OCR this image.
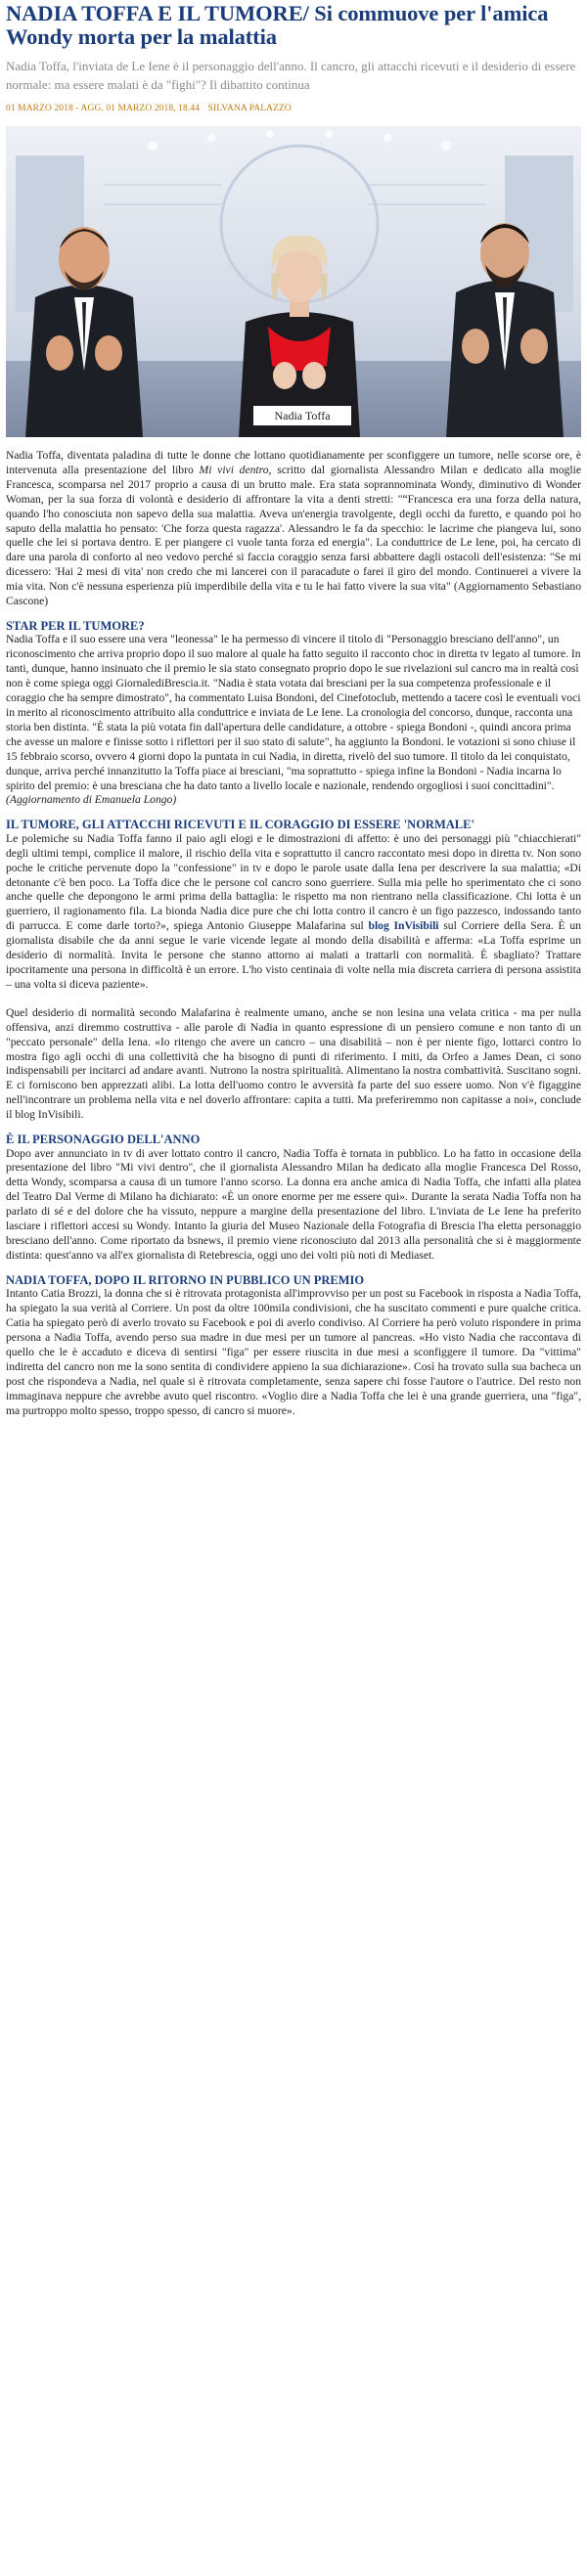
NADIA TOFFA E IL TUMORE/ Si commuove per l'amica Wondy morta per la malattia
Nadia Toffa, l'inviata de Le Iene è il personaggio dell'anno. Il cancro, gli attacchi ricevuti e il desiderio di essere normale: ma essere malati è da "fighi"? Il dibattito continua
01 MARZO 2018 - AGG. 01 MARZO 2018, 18.44 SILVANA PALAZZO
Nadia Toffa

Nadia Toffa, diventata paladina di tutte le donne che lottano quotidianamente per sconfiggere un tumore, nelle scorse ore, è intervenuta alla presentazione del libro Mi vivi dentro, scritto dal giornalista Alessandro Milan e dedicato alla moglie Francesca, scomparsa nel 2017 proprio a causa di un brutto male. Era stata soprannominata Wondy, diminutivo di Wonder Woman, per la sua forza di volontà e desiderio di affrontare la vita a denti stretti: "“Francesca era una forza della natura, quando l'ho conosciuta non sapevo della sua malattia. Aveva un'energia travolgente, degli occhi da furetto, e quando poi ho saputo della malattia ho pensato: 'Che forza questa ragazza'. Alessandro le fa da specchio: le lacrime che piangeva lui, sono quelle che lei si portava dentro. E per piangere ci vuole tanta forza ed energia". La conduttrice de Le Iene, poi, ha cercato di dare una parola di conforto al neo vedovo perché si faccia coraggio senza farsi abbattere dagli ostacoli dell'esistenza: "Se mi dicessero: 'Hai 2 mesi di vita' non credo che mi lancerei con il paracadute o farei il giro del mondo. Continuerei a vivere la mia vita. Non c'è nessuna esperienza più imperdibile della vita e tu le hai fatto vivere la sua vita" (Aggiornamento Sebastiano Cascone)

STAR PER IL TUMORE?

Nadia Toffa e il suo essere una vera "leonessa" le ha permesso di vincere il titolo di "Personaggio bresciano dell'anno", un riconoscimento che arriva proprio dopo il suo malore al quale ha fatto seguito il racconto choc in diretta tv legato al tumore. In tanti, dunque, hanno insinuato che il premio le sia stato consegnato proprio dopo le sue rivelazioni sul cancro ma in realtà così non è come spiega oggi GiornalediBrescia.it. "Nadia è stata votata dai bresciani per la sua competenza professionale e il coraggio che ha sempre dimostrato", ha commentato Luisa Bondoni, del Cinefotoclub, mettendo a tacere così le eventuali voci in merito al riconoscimento attribuito alla conduttrice e inviata de Le Iene. La cronologia del concorso, dunque, racconta una storia ben distinta. "È stata la più votata fin dall'apertura delle candidature, a ottobre - spiega Bondoni -, quindi ancora prima che avesse un malore e finisse sotto i riflettori per il suo stato di salute", ha aggiunto la Bondoni. le votazioni si sono chiuse il 15 febbraio scorso, ovvero 4 giorni dopo la puntata in cui Nadia, in diretta, rivelò del suo tumore. Il titolo da lei conquistato, dunque, arriva perché innanzitutto la Toffa piace ai bresciani, "ma soprattutto - spiega infine la Bondoni - Nadia incarna lo spirito del premio: è una bresciana che ha dato tanto a livello locale e nazionale, rendendo orgogliosi i suoi concittadini". (Aggiornamento di Emanuela Longo)

IL TUMORE, GLI ATTACCHI RICEVUTI E IL CORAGGIO DI ESSERE 'NORMALE'

Le polemiche su Nadia Toffa fanno il paio agli elogi e le dimostrazioni di affetto: è uno dei personaggi più "chiacchierati" degli ultimi tempi, complice il malore, il rischio della vita e soprattutto il cancro raccontato mesi dopo in diretta tv. Non sono poche le critiche pervenute dopo la "confessione" in tv e dopo le parole usate dalla Iena per descrivere la sua malattia; «Di detonante c'è ben poco. La Toffa dice che le persone col cancro sono guerriere. Sulla mia pelle ho sperimentato che ci sono anche quelle che depongono le armi prima della battaglia: le rispetto ma non rientrano nella classificazione. Chi lotta è un guerriero, il ragionamento fila. La bionda Nadia dice pure che chi lotta contro il cancro è un figo pazzesco, indossando tanto di parrucca. E come darle torto?», spiega Antonio Giuseppe Malafarina sul blog InVisibili sul Corriere della Sera. È un giornalista disabile che da anni segue le varie vicende legate al mondo della disabilità e afferma: «La Toffa esprime un desiderio di normalità. Invita le persone che stanno attorno ai malati a trattarli con normalità. È sbagliato? Trattare ipocritamente una persona in difficoltà è un errore. L'ho visto centinaia di volte nella mia discreta carriera di persona assistita – una volta si diceva paziente».

Quel desiderio di normalità secondo Malafarina è realmente umano, anche se non lesina una velata critica - ma per nulla offensiva, anzi diremmo costruttiva - alle parole di Nadia in quanto espressione di un pensiero comune e non tanto di un "peccato personale" della Iena. «Io ritengo che avere un cancro – una disabilità – non è per niente figo, lottarci contro lo mostra figo agli occhi di una collettività che ha bisogno di punti di riferimento. I miti, da Orfeo a James Dean, ci sono indispensabili per incitarci ad andare avanti. Nutrono la nostra spiritualità. Alimentano la nostra combattività. Suscitano sogni. E ci forniscono ben apprezzati alibi. La lotta dell'uomo contro le avversità fa parte del suo essere uomo. Non v'è figaggine nell'incontrare un problema nella vita e nel doverlo affrontare: capita a tutti. Ma preferiremmo non capitasse a noi», conclude il blog InVisibili.

È IL PERSONAGGIO DELL'ANNO

Dopo aver annunciato in tv di aver lottato contro il cancro, Nadia Toffa è tornata in pubblico. Lo ha fatto in occasione della presentazione del libro "Mi vivi dentro", che il giornalista Alessandro Milan ha dedicato alla moglie Francesca Del Rosso, detta Wondy, scomparsa a causa di un tumore l'anno scorso. La donna era anche amica di Nadia Toffa, che infatti alla platea del Teatro Dal Verme di Milano ha dichiarato: «È un onore enorme per me essere qui». Durante la serata Nadia Toffa non ha parlato di sé e del dolore che ha vissuto, neppure a margine della presentazione del libro. L'inviata de Le Iene ha preferito lasciare i riflettori accesi su Wondy. Intanto la giuria del Museo Nazionale della Fotografia di Brescia l'ha eletta personaggio bresciano dell'anno. Come riportato da bsnews, il premio viene riconosciuto dal 2013 alla personalità che si è maggiormente distinta: quest'anno va all'ex giornalista di Retebrescia, oggi uno dei volti più noti di Mediaset.

NADIA TOFFA, DOPO IL RITORNO IN PUBBLICO UN PREMIO

Intanto Catia Brozzi, la donna che si è ritrovata protagonista all'improvviso per un post su Facebook in risposta a Nadia Toffa, ha spiegato la sua verità al Corriere. Un post da oltre 100mila condivisioni, che ha suscitato commenti e pure qualche critica. Catia ha spiegato però di averlo trovato su Facebook e poi di averlo condiviso. Al Corriere ha però voluto rispondere in prima persona a Nadia Toffa, avendo perso sua madre in due mesi per un tumore al pancreas. «Ho visto Nadia che raccontava di quello che le è accaduto e diceva di sentirsi "figa" per essere riuscita in due mesi a sconfiggere il tumore. Da "vittima" indiretta del cancro non me la sono sentita di condividere appieno la sua dichiarazione». Così ha trovato sulla sua bacheca un post che rispondeva a Nadia, nel quale si è ritrovata completamente, senza sapere chi fosse l'autore o l'autrice. Del resto non immaginava neppure che avrebbe avuto quel riscontro. «Voglio dire a Nadia Toffa che lei è una grande guerriera, una "figa", ma purtroppo molto spesso, troppo spesso, di cancro si muore».
